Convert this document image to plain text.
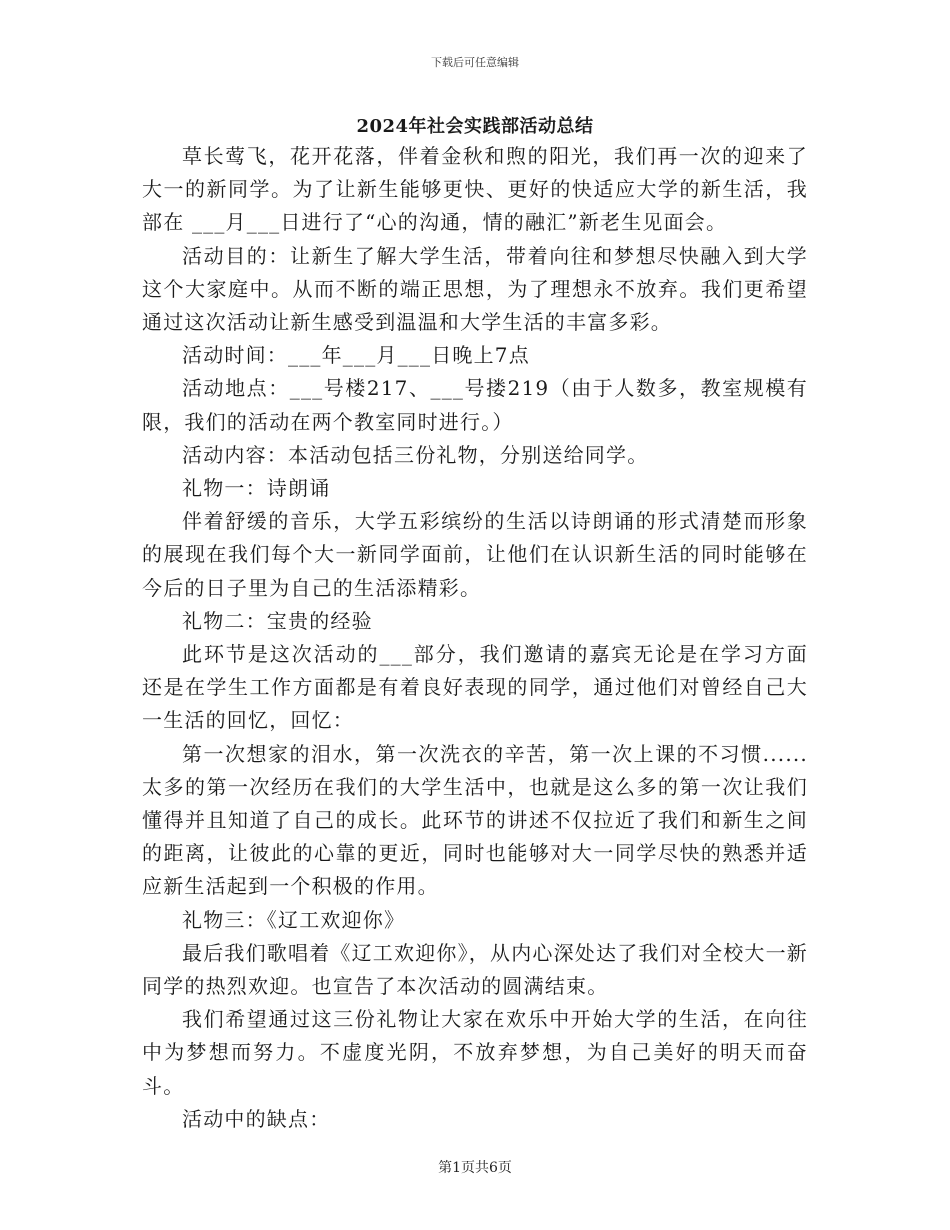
下载后可任意编辑
2024年社会实践部活动总结

草长莺飞，花开花落，伴着金秋和煦的阳光，我们再一次的迎来了大一的新同学。为了让新生能够更快、更好的快适应大学的新生活，我部在 ___月___日进行了“心的沟通，情的融汇”新老生见面会。

活动目的：让新生了解大学生活，带着向往和梦想尽快融入到大学这个大家庭中。从而不断的端正思想，为了理想永不放弃。我们更希望通过这次活动让新生感受到温温和大学生活的丰富多彩。

活动时间：___年___月___日晚上7点

活动地点：___号楼217、___号搂219（由于人数多，教室规模有限，我们的活动在两个教室同时进行。）

活动内容：本活动包括三份礼物，分别送给同学。

礼物一：诗朗诵

伴着舒缓的音乐，大学五彩缤纷的生活以诗朗诵的形式清楚而形象的展现在我们每个大一新同学面前，让他们在认识新生活的同时能够在今后的日子里为自己的生活添精彩。

礼物二：宝贵的经验

此环节是这次活动的___部分，我们邀请的嘉宾无论是在学习方面还是在学生工作方面都是有着良好表现的同学，通过他们对曾经自己大一生活的回忆，回忆：

第一次想家的泪水，第一次洗衣的辛苦，第一次上课的不习惯......太多的第一次经历在我们的大学生活中，也就是这么多的第一次让我们懂得并且知道了自己的成长。此环节的讲述不仅拉近了我们和新生之间的距离，让彼此的心靠的更近，同时也能够对大一同学尽快的熟悉并适应新生活起到一个积极的作用。

礼物三：《辽工欢迎你》

最后我们歌唱着《辽工欢迎你》，从内心深处达了我们对全校大一新同学的热烈欢迎。也宣告了本次活动的圆满结束。

我们希望通过这三份礼物让大家在欢乐中开始大学的生活，在向往中为梦想而努力。不虚度光阴，不放弃梦想，为自己美好的明天而奋斗。

活动中的缺点：

第1页共6页
